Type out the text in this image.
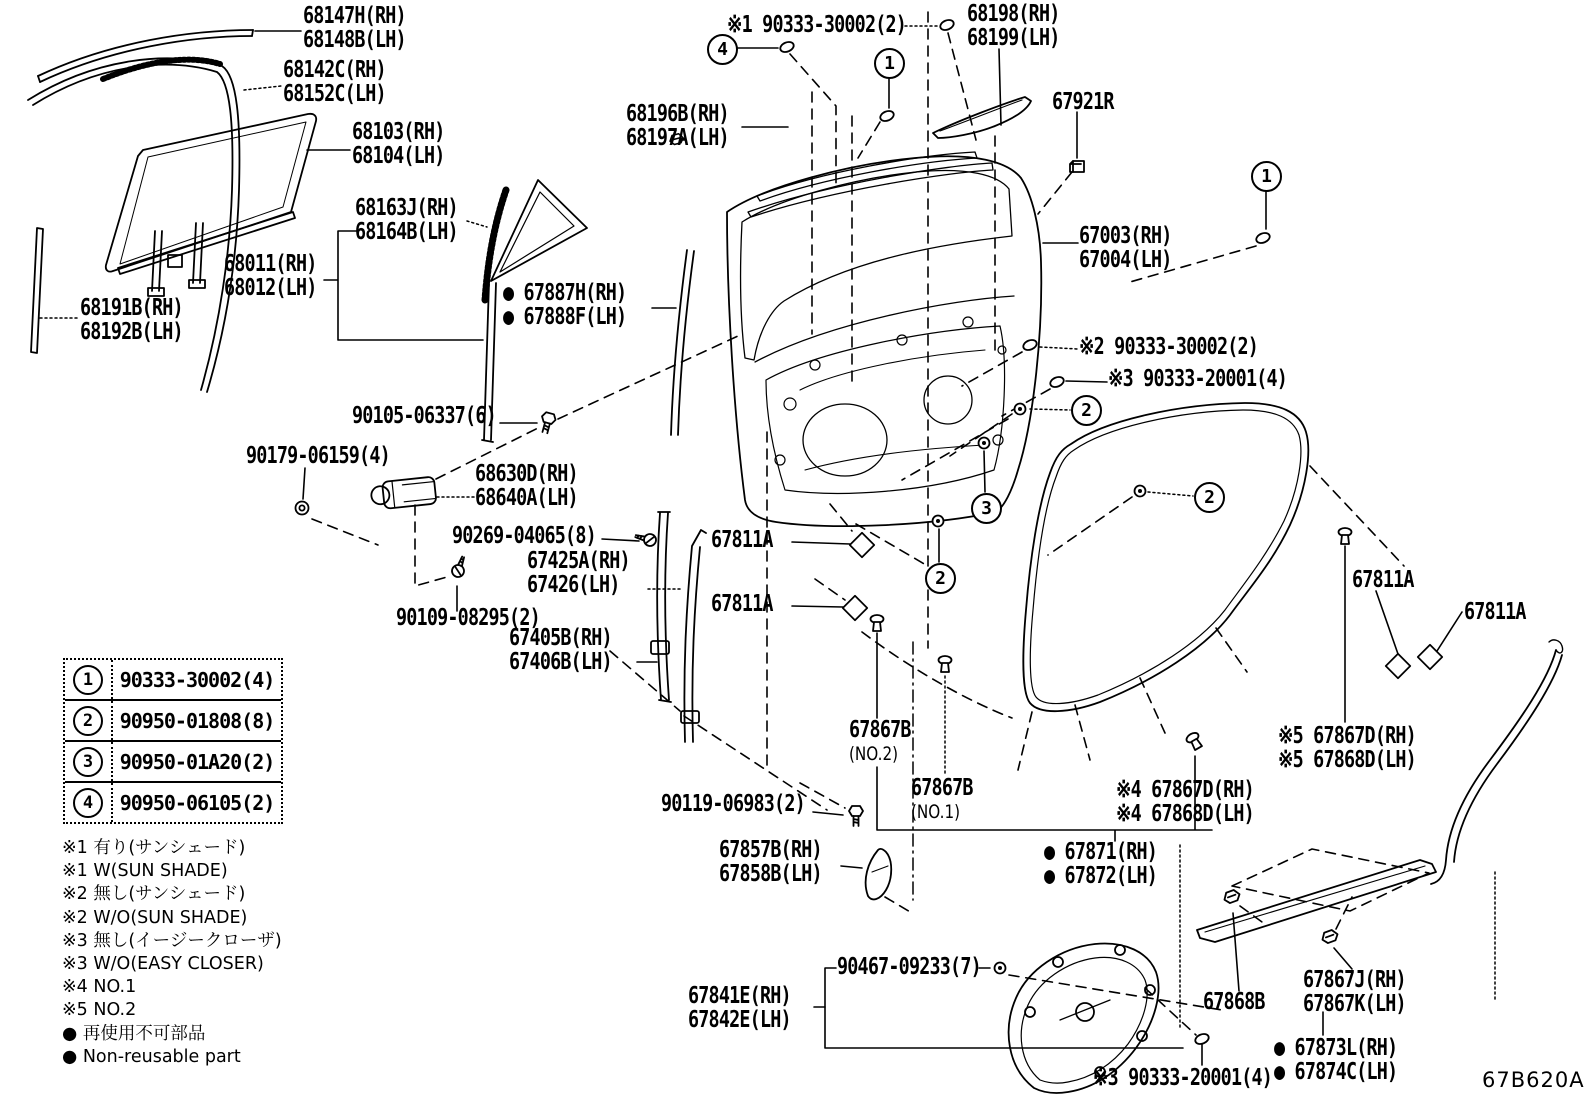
68147H(RH)
68148B(LH)
68142C(RH)
68152C(LH)
68103(RH)
68104(LH)
68163J(RH)
68164B(LH)
68011(RH)
68012(LH)
68191B(RH)
68192B(LH)
※1 90333-30002(2)	68198(RH)
68199(LH)
68196B(RH)
68197A(LH)
67921R
67003(RH)
67004(LH)
※2 90333-30002(2)
※3 90333-20001(4)
● 67887H(RH)
● 67888F(LH)
90105-06337(6)
90179-06159(4)
68630D(RH)
68640A(LH)
90269-04065(8)
67425A(RH)
67426(LH)
90109-08295(2)
67405B(RH)
67406B(LH)
67811A
67811A
67811A
67811A
90119-06983(2)
67857B(RH)
67858B(LH)
90467-09233(7)
67841E(RH)
67842E(LH)
67867B
(NO.2)
67867B
(NO.1)
※4 67867D(RH)
※4 67868D(LH)
※5 67867D(RH)
※5 67868D(LH)
● 67871(RH)
● 67872(LH)
67868B
67867J(RH)
67867K(LH)
● 67873L(RH)
● 67874C(LH)
※3 90333-20001(4)
4
1
1
2
2
2
3
1	90333-30002(4)
2	90950-01808(8)
3	90950-01A20(2)
4	90950-06105(2)
※1 有り(サンシェード)
※1 W(SUN SHADE)
※2 無し(サンシェード)
※2 W/O(SUN SHADE)
※3 無し(イージークローザ)
※3 W/O(EASY CLOSER)
※4 NO.1
※5 NO.2
● 再使用不可部品
● Non-reusable part
67B620A
